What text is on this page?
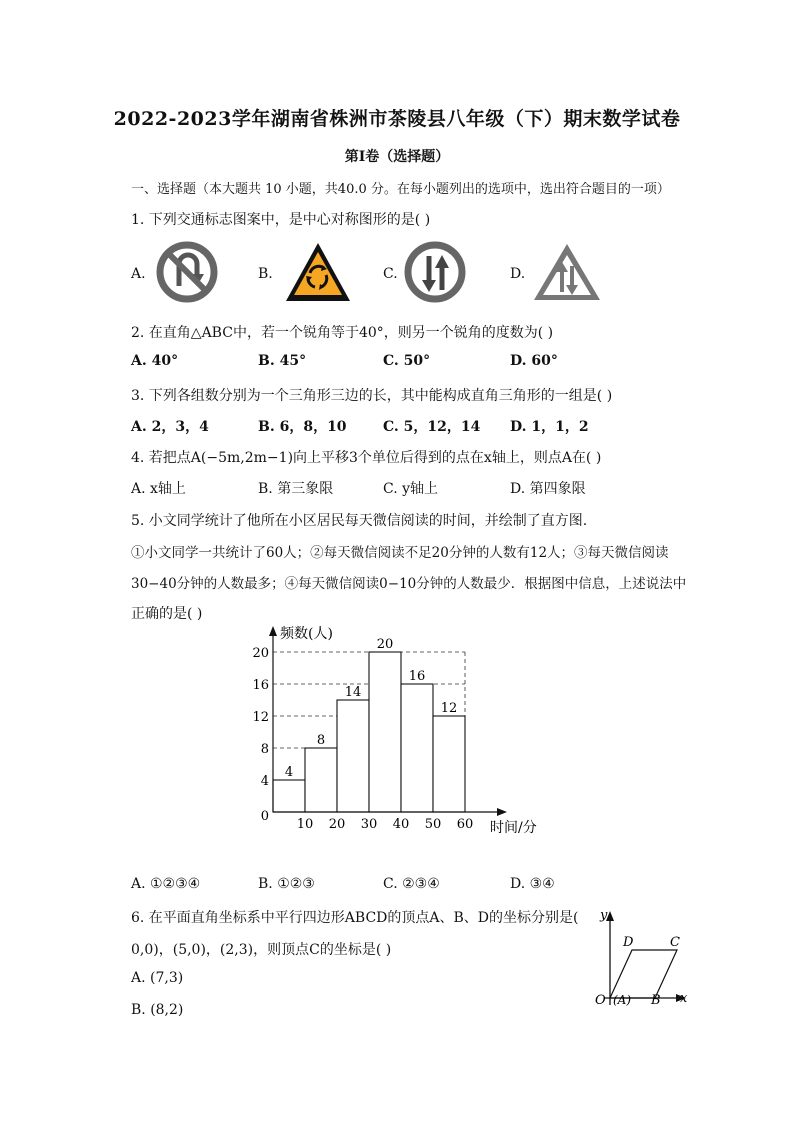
2022-2023学年湖南省株洲市茶陵县八年级（下）期末数学试卷
第Ⅰ卷（选择题）
一、选择题（本大题共 10 小题，共40.0 分。在每小题列出的选项中，选出符合题目的一项）
1. 下列交通标志图案中，是中心对称图形的是( )
A.	B.	C.	D.
2. 在直角△ABC中，若一个锐角等于40°，则另一个锐角的度数为( )
A. 40°	B. 45°	C. 50°	D. 60°
3. 下列各组数分别为一个三角形三边的长，其中能构成直角三角形的一组是( )
A. 2，3，4	B. 6，8，10	C. 5，12，14 D. 1，1，2
4. 若把点A(−5m,2m−1)向上平移3个单位后得到的点在x轴上，则点A在( )
A. x轴上	B. 第三象限	C. y轴上	D. 第四象限
5. 小文同学统计了他所在小区居民每天微信阅读的时间，并绘制了直方图.
①小文同学一共统计了60人；②每天微信阅读不足20分钟的人数有12人；③每天微信阅读
30−40分钟的人数最多；④每天微信阅读0−10分钟的人数最少．根据图中信息，上述说法中
正确的是( )
4
8
14
20
16
12
0
4
8
12
16
20
10 20 30 40 50 60
频数(人)
时间/分
A. ①②③④	B. ①②③	C. ②③④	D. ③④
6. 在平面直角坐标系中平行四边形ABCD的顶点A、B、D的坐标分别是(
0,0)，(5,0)，(2,3)，则顶点C的坐标是( )
A. (7,3)
B. (8,2)
y
x
D	C
O (A) B
